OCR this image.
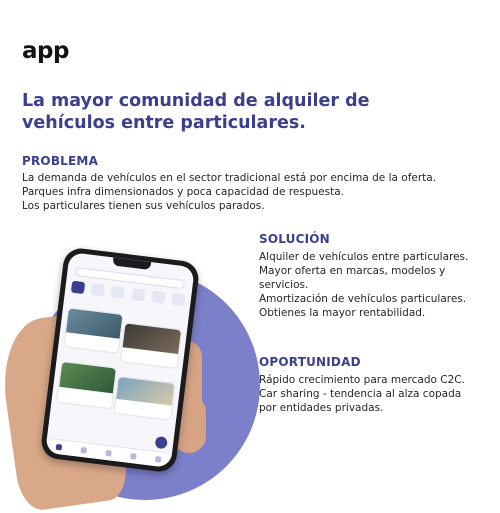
app
La mayor comunidad de alquiler de vehículos entre particulares.
PROBLEMA
La demanda de vehículos en el sector tradicional está por encima de la oferta.
Parques infra dimensionados y poca capacidad de respuesta.
Los particulares tienen sus vehículos parados.
SOLUCIÓN
Alquiler de vehículos entre particulares.
Mayor oferta en marcas, modelos y servicios.
Amortización de vehículos particulares.
Obtienes la mayor rentabilidad.
OPORTUNIDAD
Rápido crecimiento para mercado C2C.
Car sharing - tendencia al alza copada por entidades privadas.
